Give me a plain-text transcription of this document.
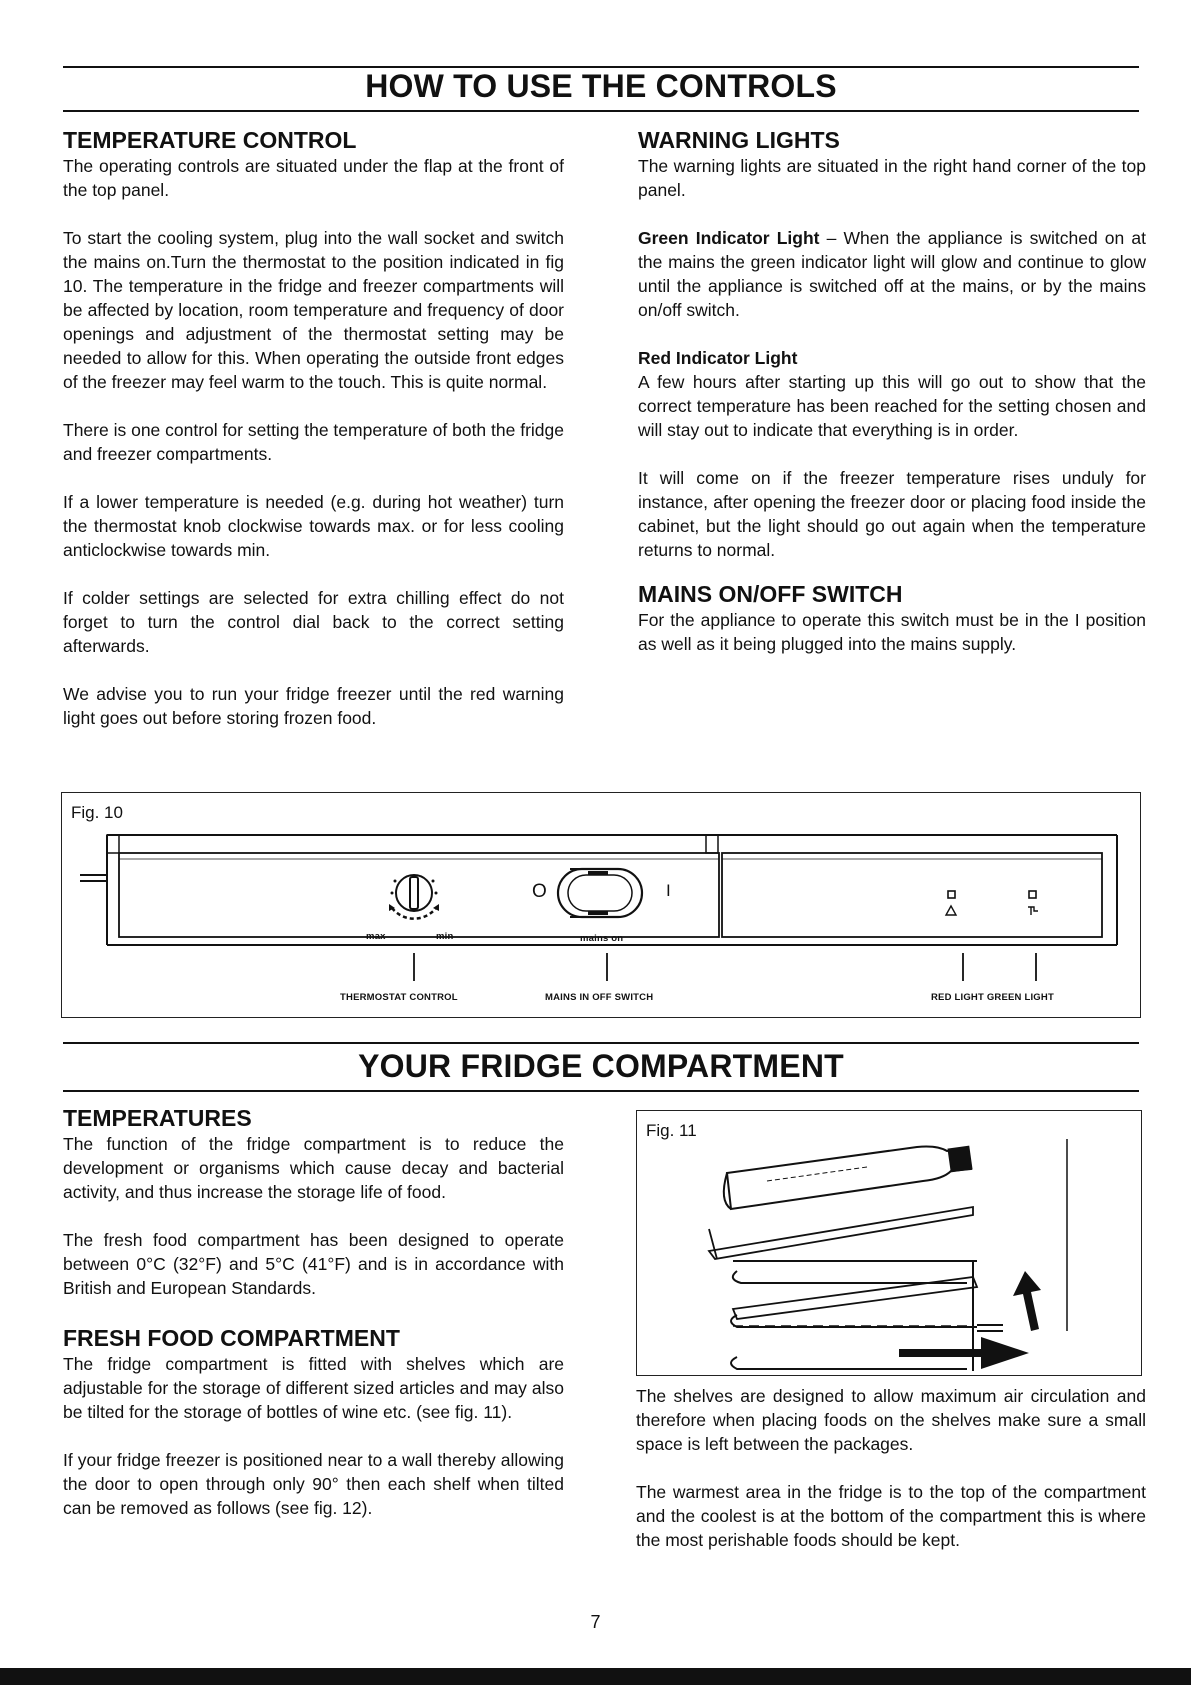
HOW TO USE THE CONTROLS
TEMPERATURE CONTROL

The operating controls are situated under the flap at the front of the top panel.

To start the cooling system, plug into the wall socket and switch the mains on.Turn the thermostat to the position indicated in fig 10. The temperature in the fridge and freezer compartments will be affected by location, room temperature and frequency of door openings and adjustment of the thermostat setting may be needed to allow for this. When operating the outside front edges of the freezer may feel warm to the touch. This is quite normal.

There is one control for setting the temperature of both the fridge and freezer compartments.

If a lower temperature is needed (e.g. during hot weather) turn the thermostat knob clockwise towards max. or for less cooling anticlockwise towards min.

If colder settings are selected for extra chilling effect do not forget to turn the control dial back to the correct setting afterwards.

We advise you to run your fridge freezer until the red warning light goes out before storing frozen food.

WARNING LIGHTS

The warning lights are situated in the right hand corner of the top panel.

Green Indicator Light – When the appliance is switched on at the mains the green indicator light will glow and continue to glow until the appliance is switched off at the mains, or by the mains on/off switch.

Red Indicator Light

A few hours after starting up this will go out to show that the correct temperature has been reached for the setting chosen and will stay out to indicate that everything is in order.

It will come on if the freezer temperature rises unduly for instance, after opening the freezer door or placing food inside the cabinet, but the light should go out again when the temperature returns to normal.

MAINS ON/OFF SWITCH

For the appliance to operate this switch must be in the I position as well as it being plugged into the mains supply.

Fig. 10
max	min
O	I
mains on
THERMOSTAT CONTROL	MAINS IN OFF SWITCH	RED LIGHT GREEN LIGHT
YOUR FRIDGE COMPARTMENT
TEMPERATURES

The function of the fridge compartment is to reduce the development or organisms which cause decay and bacterial activity, and thus increase the storage life of food.

The fresh food compartment has been designed to operate between 0°C (32°F) and 5°C (41°F) and is in accordance with British and European Standards.

FRESH FOOD COMPARTMENT

The fridge compartment is fitted with shelves which are adjustable for the storage of different sized articles and may also be tilted for the storage of bottles of wine etc. (see fig. 11).

If your fridge freezer is positioned near to a wall thereby allowing the door to open through only 90° then each shelf when tilted can be removed as follows (see fig. 12).

Fig. 11

The shelves are designed to allow maximum air circulation and therefore when placing foods on the shelves make sure a small space is left between the packages.

The warmest area in the fridge is to the top of the compartment and the coolest is at the bottom of the compartment this is where the most perishable foods should be kept.

7
